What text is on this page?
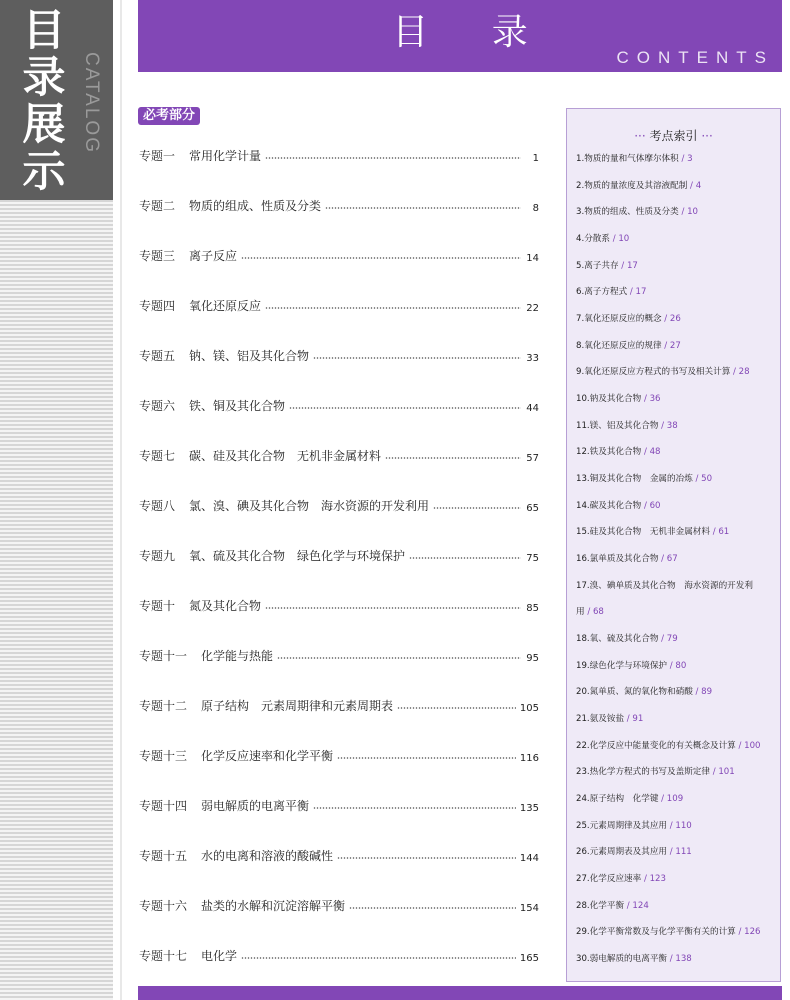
目
录
展
示
CATALOG
目 录
CONTENTS
必考部分
专题一 常用化学计量	1
专题二 物质的组成、性质及分类	8
专题三 离子反应	14
专题四 氧化还原反应	22
专题五 钠、镁、铝及其化合物	33
专题六 铁、铜及其化合物	44
专题七 碳、硅及其化合物　无机非金属材料	57
专题八 氯、溴、碘及其化合物　海水资源的开发利用	65
专题九 氧、硫及其化合物　绿色化学与环境保护	75
专题十 氮及其化合物	85
专题十一 化学能与热能	95
专题十二 原子结构　元素周期律和元素周期表	105
专题十三 化学反应速率和化学平衡	116
专题十四 弱电解质的电离平衡	135
专题十五 水的电离和溶液的酸碱性	144
专题十六 盐类的水解和沉淀溶解平衡	154
专题十七 电化学	165
··· 考点索引 ···
1.物质的量和气体摩尔体积 / 3
2.物质的量浓度及其溶液配制 / 4
3.物质的组成、性质及分类 / 10
4.分散系 / 10
5.离子共存 / 17
6.离子方程式 / 17
7.氧化还原反应的概念 / 26
8.氧化还原反应的规律 / 27
9.氧化还原反应方程式的书写及相关计算 / 28
10.钠及其化合物 / 36
11.镁、铝及其化合物 / 38
12.铁及其化合物 / 48
13.铜及其化合物　金属的冶炼 / 50
14.碳及其化合物 / 60
15.硅及其化合物　无机非金属材料 / 61
16.氯单质及其化合物 / 67
17.溴、碘单质及其化合物　海水资源的开发利
用 / 68
18.氧、硫及其化合物 / 79
19.绿色化学与环境保护 / 80
20.氮单质、氮的氧化物和硝酸 / 89
21.氨及铵盐 / 91
22.化学反应中能量变化的有关概念及计算 / 100
23.热化学方程式的书写及盖斯定律 / 101
24.原子结构　化学键 / 109
25.元素周期律及其应用 / 110
26.元素周期表及其应用 / 111
27.化学反应速率 / 123
28.化学平衡 / 124
29.化学平衡常数及与化学平衡有关的计算 / 126
30.弱电解质的电离平衡 / 138
